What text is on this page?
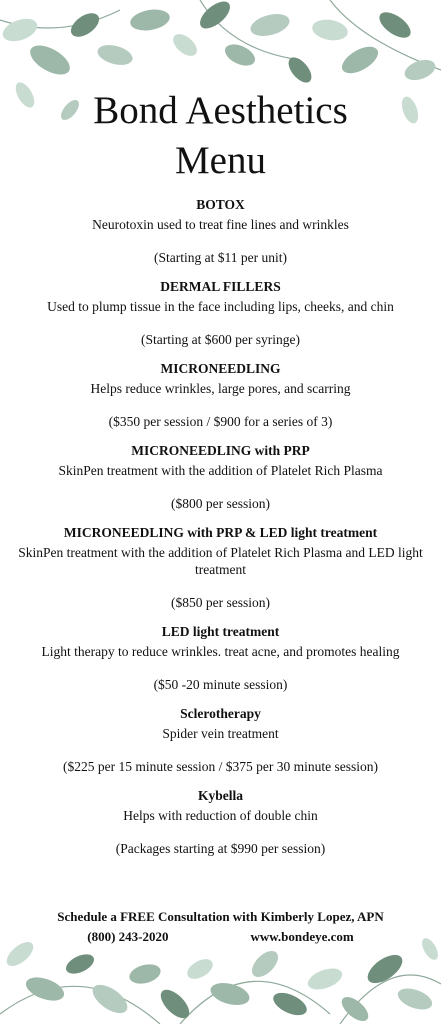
Bond Aesthetics
Menu
BOTOX
Neurotoxin used to treat fine lines and wrinkles
(Starting at $11 per unit)
DERMAL FILLERS
Used to plump tissue in the face including lips, cheeks, and chin
(Starting at $600 per syringe)
MICRONEEDLING
Helps reduce wrinkles, large pores, and scarring
($350 per session / $900 for a series of 3)
MICRONEEDLING with PRP
SkinPen treatment with the addition of Platelet Rich Plasma
($800 per session)
MICRONEEDLING with PRP & LED light treatment
SkinPen treatment with the addition of Platelet Rich Plasma and LED light treatment
($850 per session)
LED light treatment
Light therapy to reduce wrinkles. treat acne, and promotes healing
($50 -20 minute session)
Sclerotherapy
Spider vein treatment
($225 per 15 minute session / $375 per 30 minute session)
Kybella
Helps with reduction of double chin
(Packages starting at $990 per session)
Schedule a FREE Consultation with Kimberly Lopez, APN
(800) 243-2020	www.bondeye.com
